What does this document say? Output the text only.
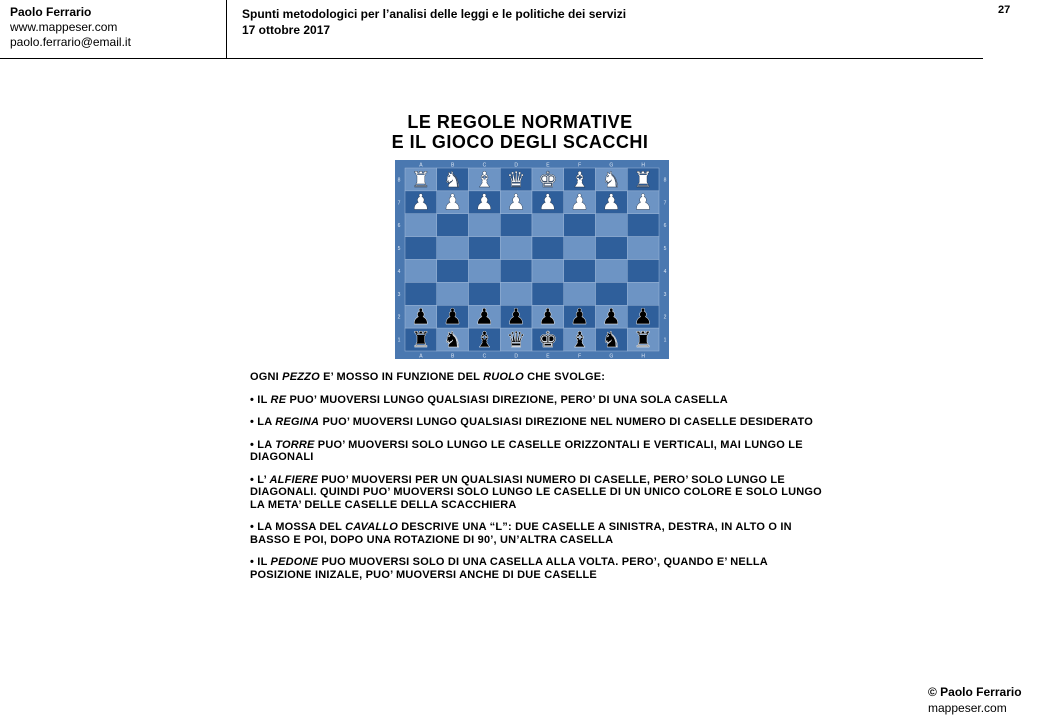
Paolo Ferrario
www.mappeser.com
paolo.ferrario@email.it
Spunti metodologici per l’analisi delle leggi e le politiche dei servizi
17 ottobre 2017
27
LE REGOLE NORMATIVE
E IL GIOCO DEGLI SCACCHI
A
A
B
B
C
C
D
D
E
E
F
F
G
G
H
H
8	8
7	7
6	6
5	5
4	4
3	3
2	2
1	1
♜ ♞ ♝ ♛ ♚ ♝ ♞ ♜
♟ ♟ ♟ ♟ ♟ ♟ ♟ ♟
♟ ♟ ♟ ♟ ♟ ♟ ♟ ♟
♜ ♞ ♝ ♛ ♚ ♝ ♞ ♜

OGNI PEZZO E’ MOSSO IN FUNZIONE DEL RUOLO CHE SVOLGE:

• IL RE PUO’ MUOVERSI LUNGO QUALSIASI DIREZIONE, PERO’ DI UNA SOLA CASELLA

• LA REGINA PUO’ MUOVERSI LUNGO QUALSIASI DIREZIONE NEL NUMERO DI CASELLE DESIDERATO

• LA TORRE PUO’ MUOVERSI SOLO LUNGO LE CASELLE ORIZZONTALI E VERTICALI, MAI LUNGO LE DIAGONALI

• L’ ALFIERE PUO’ MUOVERSI PER UN QUALSIASI NUMERO DI CASELLE, PERO’ SOLO LUNGO LE DIAGONALI. QUINDI PUO’ MUOVERSI SOLO LUNGO LE CASELLE DI UN UNICO COLORE E SOLO LUNGO LA META’ DELLE CASELLE DELLA SCACCHIERA

• LA MOSSA DEL CAVALLO DESCRIVE UNA “L”: DUE CASELLE A SINISTRA, DESTRA, IN ALTO O IN BASSO E POI, DOPO UNA ROTAZIONE DI 90’, UN’ALTRA CASELLA

• IL PEDONE PUO MUOVERSI SOLO DI UNA CASELLA ALLA VOLTA. PERO’, QUANDO E’ NELLA POSIZIONE INIZALE, PUO’ MUOVERSI ANCHE DI DUE CASELLE

© Paolo Ferrario
mappeser.com
